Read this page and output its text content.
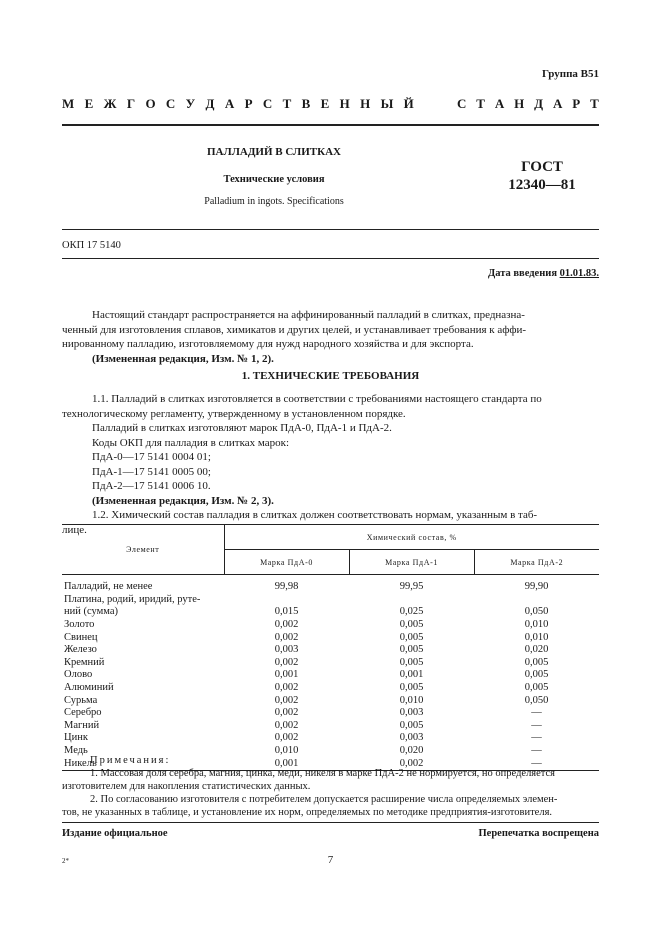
Группа В51
М Е Ж Г О С У Д А Р С Т В Е Н Н Ы Й	С Т А Н Д А Р Т
ПАЛЛАДИЙ В СЛИТКАХ
Технические условия
Palladium in ingots. Specifications
ГОСТ
12340—81
ОКП 17 5140
Дата введения 01.01.83.
Настоящий стандарт распространяется на аффинированный палладий в слитках, предназна-
ченный для изготовления сплавов, химикатов и других целей, и устанавливает требования к аффи-
нированному палладию, изготовляемому для нужд народного хозяйства и для экспорта.
(Измененная редакция, Изм. № 1, 2).
1. ТЕХНИЧЕСКИЕ ТРЕБОВАНИЯ
1.1. Палладий в слитках изготовляется в соответствии с требованиями настоящего стандарта по
технологическому регламенту, утвержденному в установленном порядке.
Палладий в слитках изготовляют марок ПдА-0, ПдА-1 и ПдА-2.
Коды ОКП для палладия в слитках марок:
ПдА-0—17 5141 0004 01;
ПдА-1—17 5141 0005 00;
ПдА-2—17 5141 0006 10.
(Измененная редакция, Изм. № 2, 3).
1.2. Химический состав палладия в слитках должен соответствовать нормам, указанным в таб-
лице.
Элемент	Химический состав, %		
	Марка ПдА-0	Марка ПдА-1	Марка ПдА-2

Палладий, не менее	99,98	99,95	99,90
Платина, родий, иридий, руте-			
ний (сумма)	0,015	0,025	0,050
Золото	0,002	0,005	0,010
Свинец	0,002	0,005	0,010
Железо	0,003	0,005	0,020
Кремний	0,002	0,005	0,005
Олово	0,001	0,001	0,005
Алюминий	0,002	0,005	0,005
Сурьма	0,002	0,010	0,050
Серебро	0,002	0,003	—
Магний	0,002	0,005	—
Цинк	0,002	0,003	—
Медь	0,010	0,020	—
Никель	0,001	0,002	—
Примечания:
1. Массовая доля серебра, магния, цинка, меди, никеля в марке ПдА-2 не нормируется, но определяется
изготовителем для накопления статистических данных.
2. По согласованию изготовителя с потребителем допускается расширение числа определяемых элемен-
тов, не указанных в таблице, и установление их норм, определяемых по методике предприятия-изготовителя.
Издание официальное	Перепечатка воспрещена
2*	7
